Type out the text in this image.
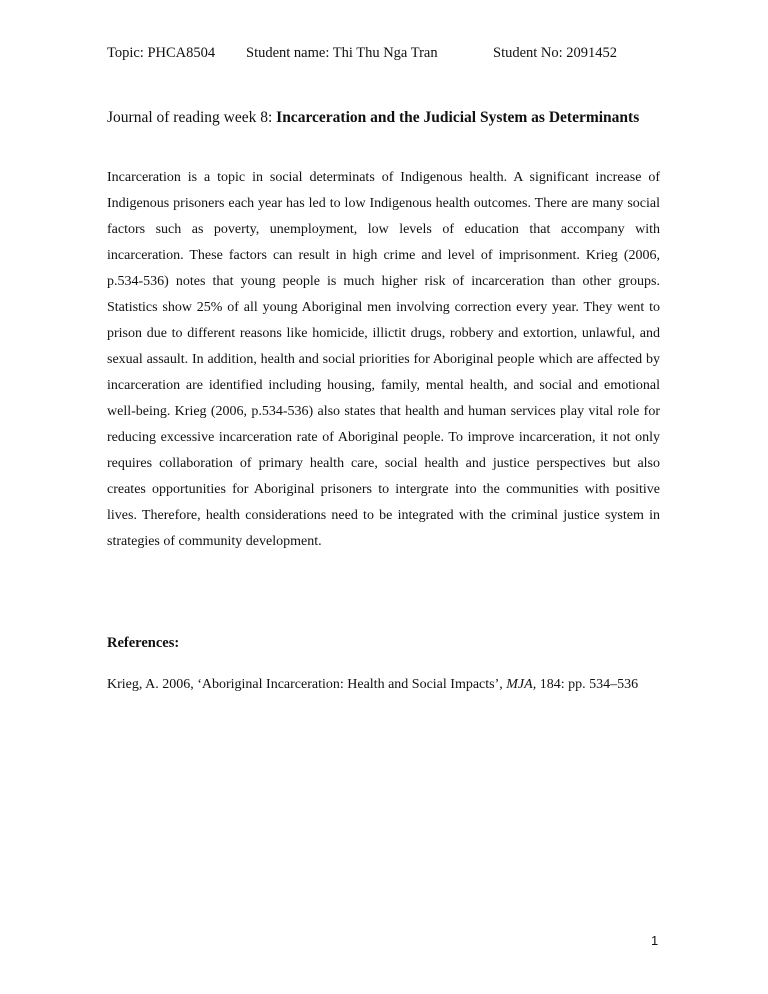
Topic: PHCA8504 Student name: Thi Thu Nga Tran	Student No: 2091452
Journal of reading week 8: Incarceration and the Judicial System as Determinants

Incarceration is a topic in social determinats of Indigenous health. A significant increase of Indigenous prisoners each year has led to low Indigenous health outcomes. There are many social factors such as poverty, unemployment, low levels of education that accompany with incarceration. These factors can result in high crime and level of imprisonment. Krieg (2006, p.534-536) notes that young people is much higher risk of incarceration than other groups. Statistics show 25% of all young Aboriginal men involving correction every year. They went to prison due to different reasons like homicide, illictit drugs, robbery and extortion, unlawful, and sexual assault. In addition, health and social priorities for Aboriginal people which are affected by incarceration are identified including housing, family, mental health, and social and emotional well-being. Krieg (2006, p.534-536) also states that health and human services play vital role for reducing excessive incarceration rate of Aboriginal people. To improve incarceration, it not only requires collaboration of primary health care, social health and justice perspectives but also creates opportunities for Aboriginal prisoners to intergrate into the communities with positive lives. Therefore, health considerations need to be integrated with the criminal justice system in strategies of community development.

References:

Krieg, A. 2006, ‘Aboriginal Incarceration: Health and Social Impacts’, MJA, 184: pp. 534–536

1
